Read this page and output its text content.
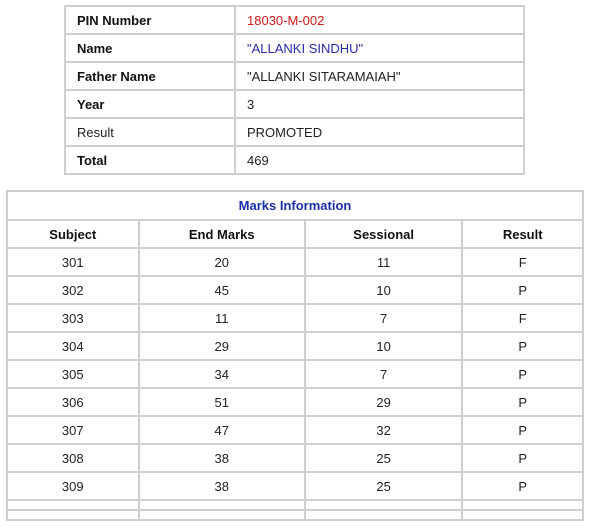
PIN Number	18030-M-002
Name	"ALLANKI SINDHU"
Father Name	"ALLANKI SITARAMAIAH"
Year	3
Result	PROMOTED
Total	469
Marks Information			
Subject	End Marks	Sessional	Result
301	20	11	F
302	45	10	P
303	11	7	F
304	29	10	P
305	34	7	P
306	51	29	P
307	47	32	P
308	38	25	P
309	38	25	P
